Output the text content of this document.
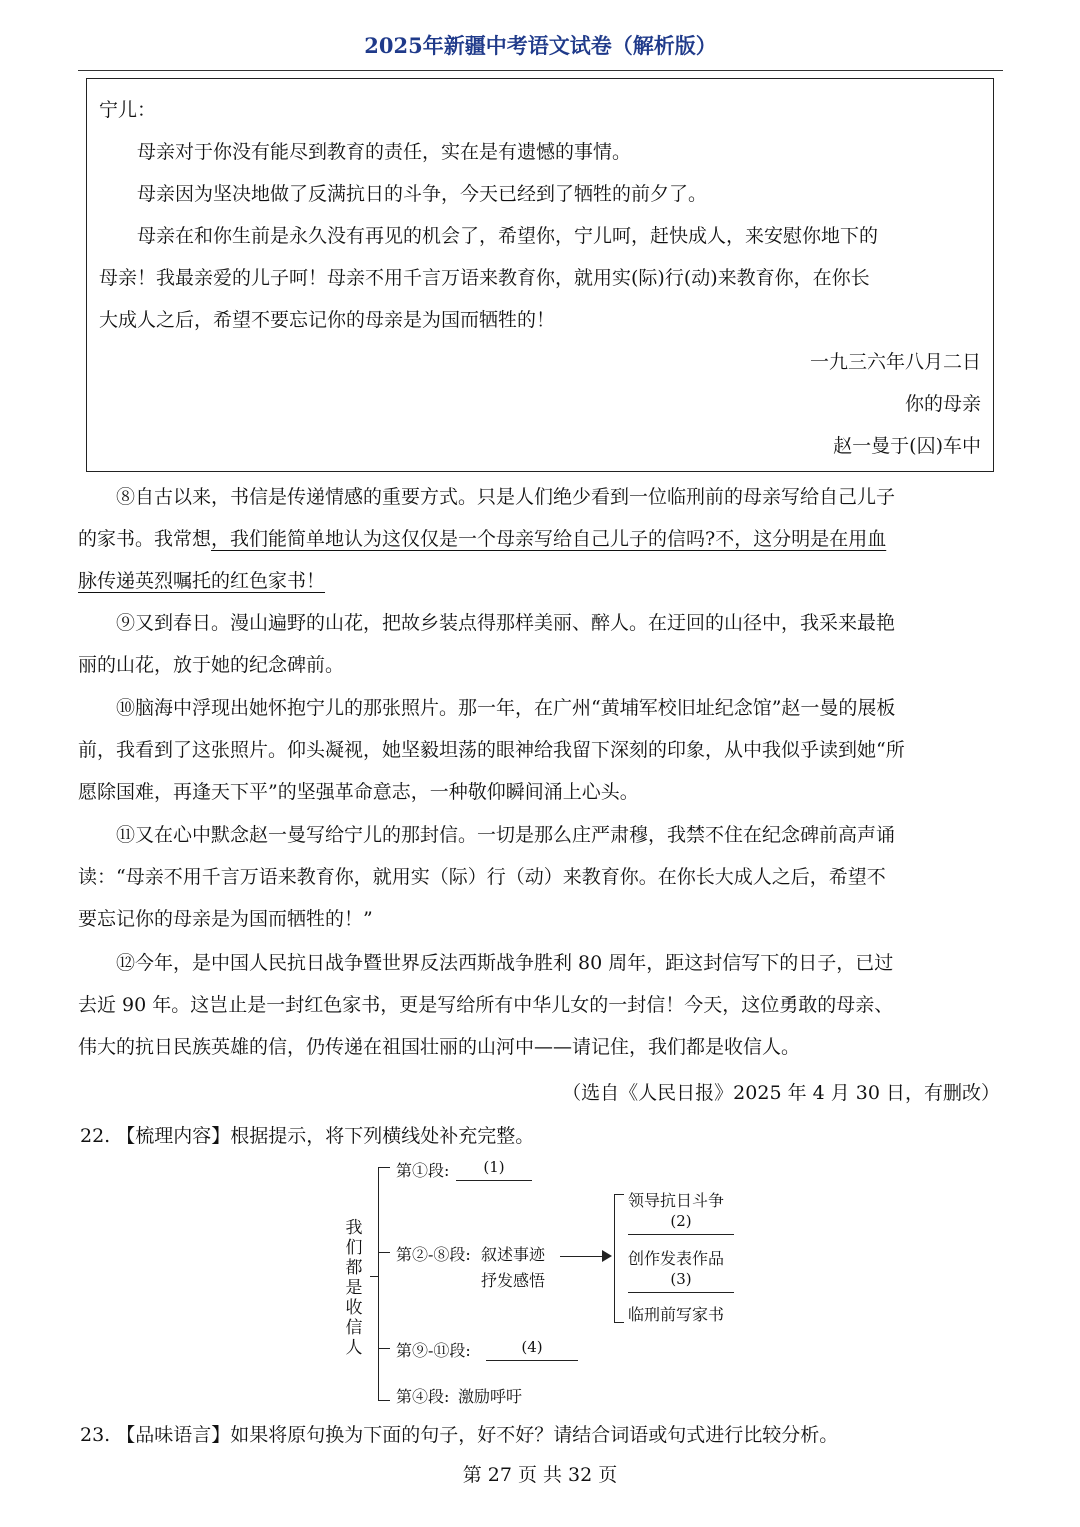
2025年新疆中考语文试卷（解析版）
宁儿：
母亲对于你没有能尽到教育的责任，实在是有遗憾的事情。
母亲因为坚决地做了反满抗日的斗争，今天已经到了牺牲的前夕了。
母亲在和你生前是永久没有再见的机会了，希望你，宁儿呵，赶快成人，来安慰你地下的
母亲！我最亲爱的儿子呵！母亲不用千言万语来教育你，就用实(际)行(动)来教育你，在你长
大成人之后，希望不要忘记你的母亲是为国而牺牲的！
一九三六年八月二日
你的母亲
赵一曼于(囚)车中
⑧自古以来，书信是传递情感的重要方式。只是人们绝少看到一位临刑前的母亲写给自己儿子
的家书。我常想，我们能简单地认为这仅仅是一个母亲写给自己儿子的信吗?不，这分明是在用血
脉传递英烈嘱托的红色家书！
⑨又到春日。漫山遍野的山花，把故乡装点得那样美丽、醉人。在迂回的山径中，我采来最艳
丽的山花，放于她的纪念碑前。
⑩脑海中浮现出她怀抱宁儿的那张照片。那一年，在广州“黄埔军校旧址纪念馆”赵一曼的展板
前，我看到了这张照片。仰头凝视，她坚毅坦荡的眼神给我留下深刻的印象，从中我似乎读到她“所
愿除国难，再逢天下平”的坚强革命意志，一种敬仰瞬间涌上心头。
⑪又在心中默念赵一曼写给宁儿的那封信。一切是那么庄严肃穆，我禁不住在纪念碑前高声诵
读：“母亲不用千言万语来教育你，就用实（际）行（动）来教育你。在你长大成人之后，希望不
要忘记你的母亲是为国而牺牲的！”
⑫今年，是中国人民抗日战争暨世界反法西斯战争胜利 80 周年，距这封信写下的日子，已过
去近 90 年。这岂止是一封红色家书，更是写给所有中华儿女的一封信！今天，这位勇敢的母亲、
伟大的抗日民族英雄的信，仍传递在祖国壮丽的山河中——请记住，我们都是收信人。
（选自《人民日报》2025 年 4 月 30 日，有删改）
22. 【梳理内容】根据提示，将下列横线处补充完整。
我
们
都
是
收
信
人
第①段:	(1)
第②-⑧段: 叙述事迹
抒发感悟
领导抗日斗争
(2)
创作发表作品
(3)
临刑前写家书
第⑨-⑪段:	(4)
第④段: 激励呼吁
23. 【品味语言】如果将原句换为下面的句子，好不好？请结合词语或句式进行比较分析。
第 27 页 共 32 页
